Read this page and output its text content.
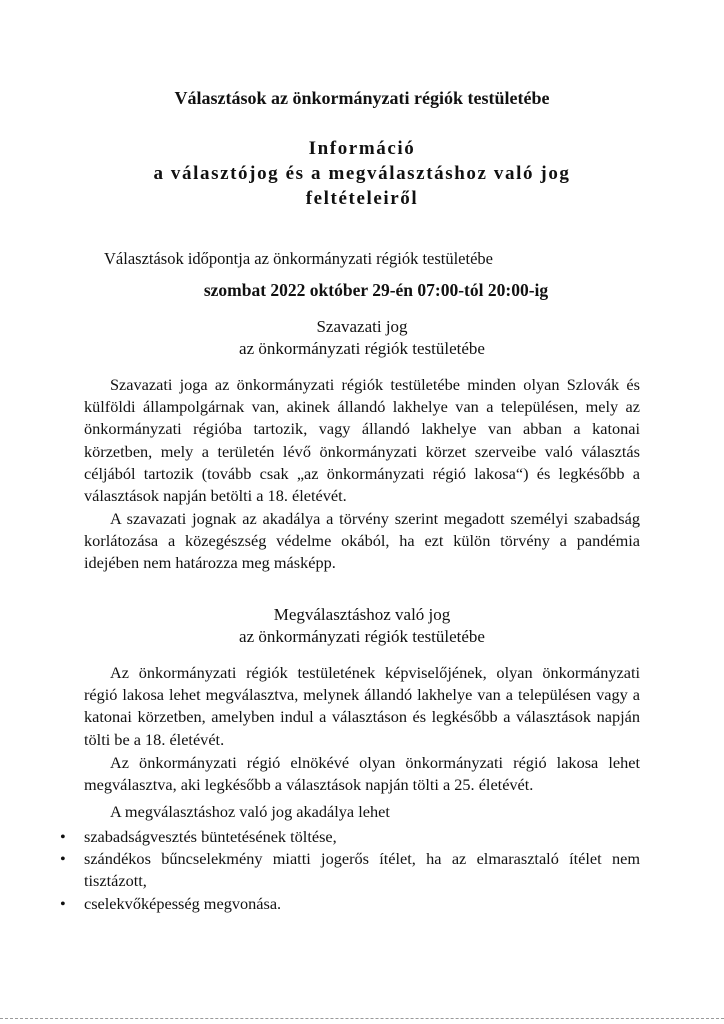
Választások az önkormányzati régiók testületébe
Információ
a választójog és a megválasztáshoz való jog
feltételeiről
Választások időpontja az önkormányzati régiók testületébe
szombat 2022 október 29-én 07:00-tól 20:00-ig
Szavazati jog
az önkormányzati régiók testületébe

Szavazati joga az önkormányzati régiók testületébe minden olyan Szlovák és külföldi állampolgárnak van, akinek állandó lakhelye van a településen, mely az önkormányzati régióba tartozik, vagy állandó lakhelye van abban a katonai körzetben, mely a területén lévő önkormányzati körzet szerveibe való választás céljából tartozik (tovább csak „az önkormányzati régió lakosa“) és legkésőbb a választások napján betölti a 18. életévét.

A szavazati jognak az akadálya a törvény szerint megadott személyi szabadság korlátozása a közegészség védelme okából, ha ezt külön törvény a pandémia idejében nem határozza meg másképp.

Megválasztáshoz való jog
az önkormányzati régiók testületébe

Az önkormányzati régiók testületének képviselőjének, olyan önkormányzati régió lakosa lehet megválasztva, melynek állandó lakhelye van a településen vagy a katonai körzetben, amelyben indul a választáson és legkésőbb a választások napján tölti be a 18. életévét.

Az önkormányzati régió elnökévé olyan önkormányzati régió lakosa lehet megválasztva, aki legkésőbb a választások napján tölti a 25. életévét.

A megválasztáshoz való jog akadálya lehet

• szabadságvesztés büntetésének töltése,
• szándékos bűncselekmény miatti jogerős ítélet, ha az elmarasztaló ítélet nem tisztázott,
• cselekvőképesség megvonása.
